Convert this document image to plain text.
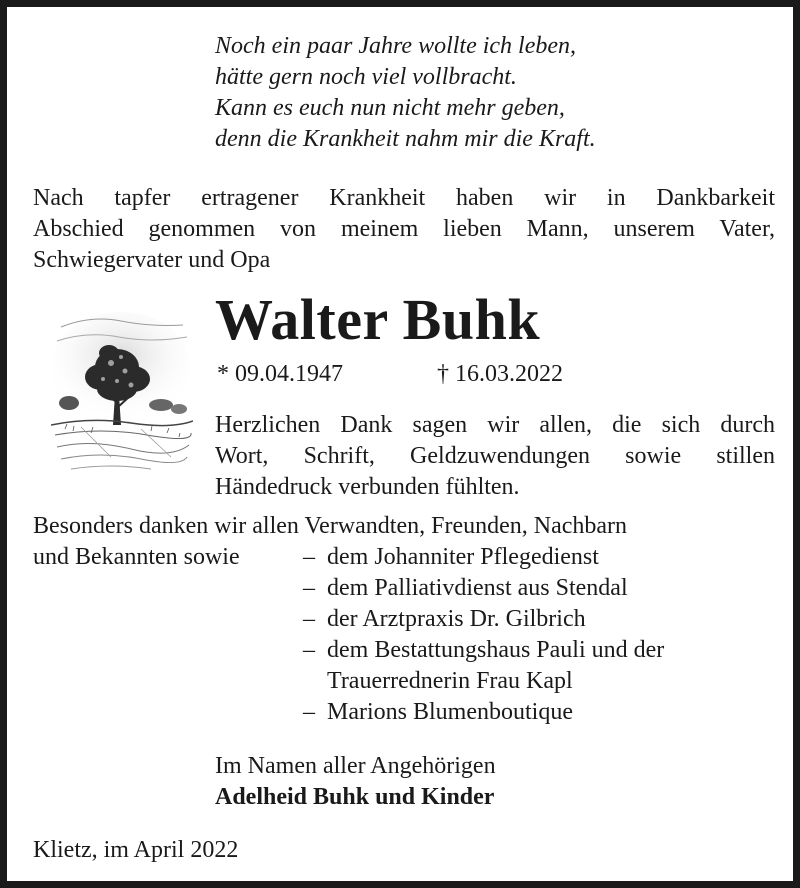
Noch ein paar Jahre wollte ich leben,
hätte gern noch viel vollbracht.
Kann es euch nun nicht mehr geben,
denn die Krankheit nahm mir die Kraft.
Nach tapfer ertragener Krankheit haben wir in Dankbarkeit
Abschied genommen von meinem lieben Mann, unserem Vater,
Schwiegervater und Opa
Walter Buhk
* 09.04.1947	† 16.03.2022
Herzlichen Dank sagen wir allen, die sich durch
Wort, Schrift, Geldzuwendungen sowie stillen
Händedruck verbunden fühlten.
Besonders danken wir allen Verwandten, Freunden, Nachbarn
und Bekannten sowie	– dem Johanniter Pflegedienst
– dem Palliativdienst aus Stendal
– der Arztpraxis Dr. Gilbrich
– dem Bestattungshaus Pauli und der
Trauerrednerin Frau Kapl
– Marions Blumenboutique
Im Namen aller Angehörigen
Adelheid Buhk und Kinder
Klietz, im April 2022
